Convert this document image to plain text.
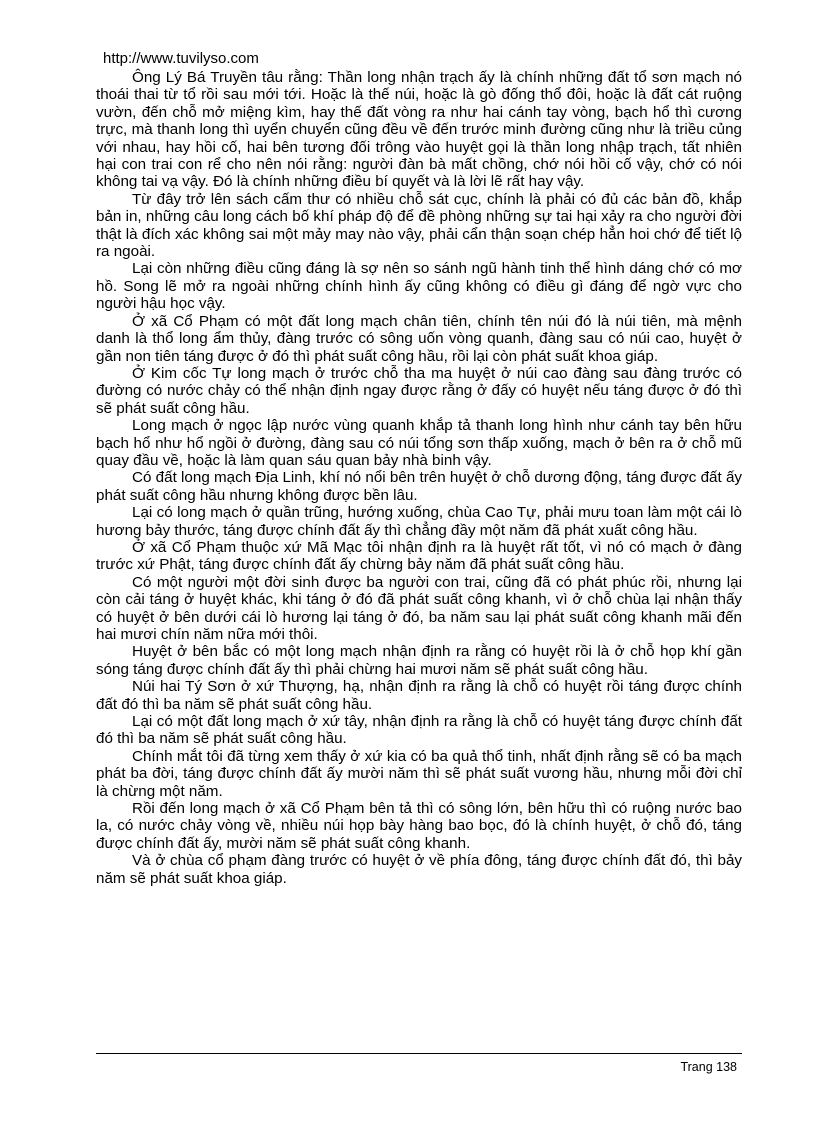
http://www.tuvilyso.com

Ông Lý Bá Truyền tâu rằng: Thần long nhận trạch ấy là chính những đất tổ sơn mạch nó thoái thai từ tổ rồi sau mới tới. Hoặc là thế núi, hoặc là gò đống thổ đôi, hoặc là đất cát ruộng vườn, đến chỗ mở miệng kìm, hay thế đất vòng ra như hai cánh tay vòng, bạch hổ thì cương trực, mà thanh long thì uyển chuyển cũng đều về đến trước minh đường cũng như là triều củng với nhau, hay hồi cố, hai bên tương đối trông vào huyệt gọi là thần long nhập trạch, tất nhiên hại con trai con rể cho nên nói rằng: người đàn bà mất chồng, chớ nói hồi cố vậy, chớ có nói không tai vạ vậy. Đó là chính những điều bí quyết và là lời lẽ rất hay vậy.

Từ đây trở lên sách cấm thư có nhiều chỗ sát cục, chính là phải có đủ các bản đồ, khắp bản in, những câu long cách bố khí pháp độ để đề phòng những sự tai hại xảy ra cho người đời thật là đích xác không sai một mảy may nào vậy, phải cẩn thận soạn chép hẳn hoi chớ để tiết lộ ra ngoài.

Lại còn những điều cũng đáng là sợ nên so sánh ngũ hành tinh thể hình dáng chớ có mơ hồ. Song lẽ mở ra ngoài những chính hình ấy cũng không có điều gì đáng để ngờ vực cho người hậu học vậy.

Ở xã Cổ Phạm có một đất long mạch chân tiên, chính tên núi đó là núi tiên, mà mệnh danh là thổ long ẩm thủy, đàng trước có sông uốn vòng quanh, đàng sau có núi cao, huyệt ở gần non tiên táng được ở đó thì phát suất công hầu, rồi lại còn phát suất khoa giáp.

Ở Kim cốc Tự long mạch ở trước chỗ tha ma huyệt ở núi cao đàng sau đàng trước có đường có nước chảy có thể nhận định ngay được rằng ở đấy có huyệt nếu táng được ở đó thì sẽ phát suất công hầu.

Long mạch ở ngọc lập nước vùng quanh khắp tả thanh long hình như cánh tay bên hữu bạch hổ như hổ ngồi ở đường, đàng sau có núi tổng sơn thấp xuống, mạch ở bên ra ở chỗ mũ quay đầu về, hoặc là làm quan sáu quan bảy nhà binh vậy.

Có đất long mạch Địa Linh, khí nó nổi bên trên huyệt ở chỗ dương động, táng được đất ấy phát suất công hầu nhưng không được bền lâu.

Lại có long mạch ở quần trũng, hướng xuống, chùa Cao Tự, phải mưu toan làm một cái lò hương bảy thước, táng được chính đất ấy thì chẳng đầy một năm đã phát xuất công hầu.

Ở xã Cổ Phạm thuộc xứ Mã Mạc tôi nhận định ra là huyệt rất tốt, vì nó có mạch ở đàng trước xứ Phật, táng được chính đất ấy chừng bảy năm đã phát suất công hầu.

Có một người một đời sinh được ba người con trai, cũng đã có phát phúc rồi, nhưng lại còn cải táng ở huyệt khác, khi táng ở đó đã phát suất công khanh, vì ở chỗ chùa lại nhận thấy có huyệt ở bên dưới cái lò hương lại táng ở đó, ba năm sau lại phát suất công khanh mãi đến hai mươi chín năm nữa mới thôi.

Huyệt ở bên bắc có một long mạch nhận định ra rằng có huyệt rồi là ở chỗ họp khí gần sóng táng được chính đất ấy thì phải chừng hai mươi năm sẽ phát suất công hầu.

Núi hai Tý Sơn ở xứ Thượng, hạ, nhận định ra rằng là chỗ có huyệt rồi táng được chính đất đó thì ba năm sẽ phát suất công hầu.

Lại có một đất long mạch ở xứ tây, nhận định ra rằng là chỗ có huyệt táng được chính đất đó thì ba năm sẽ phát suất công hầu.

Chính mắt tôi đã từng xem thấy ở xứ kia có ba quả thổ tinh, nhất định rằng sẽ có ba mạch phát ba đời, táng được chính đất ấy mười năm thì sẽ phát suất vương hầu, nhưng mỗi đời chỉ là chừng một năm.

Rồi đến long mạch ở xã Cổ Phạm bên tả thì có sông lớn, bên hữu thì có ruộng nước bao la, có nước chảy vòng về, nhiều núi họp bày hàng bao bọc, đó là chính huyệt, ở chỗ đó, táng được chính đất ấy, mười năm sẽ phát suất công khanh.

Và ở chùa cổ phạm đàng trước có huyệt ở về phía đông, táng được chính đất đó, thì bảy năm sẽ phát suất khoa giáp.

Trang 138
